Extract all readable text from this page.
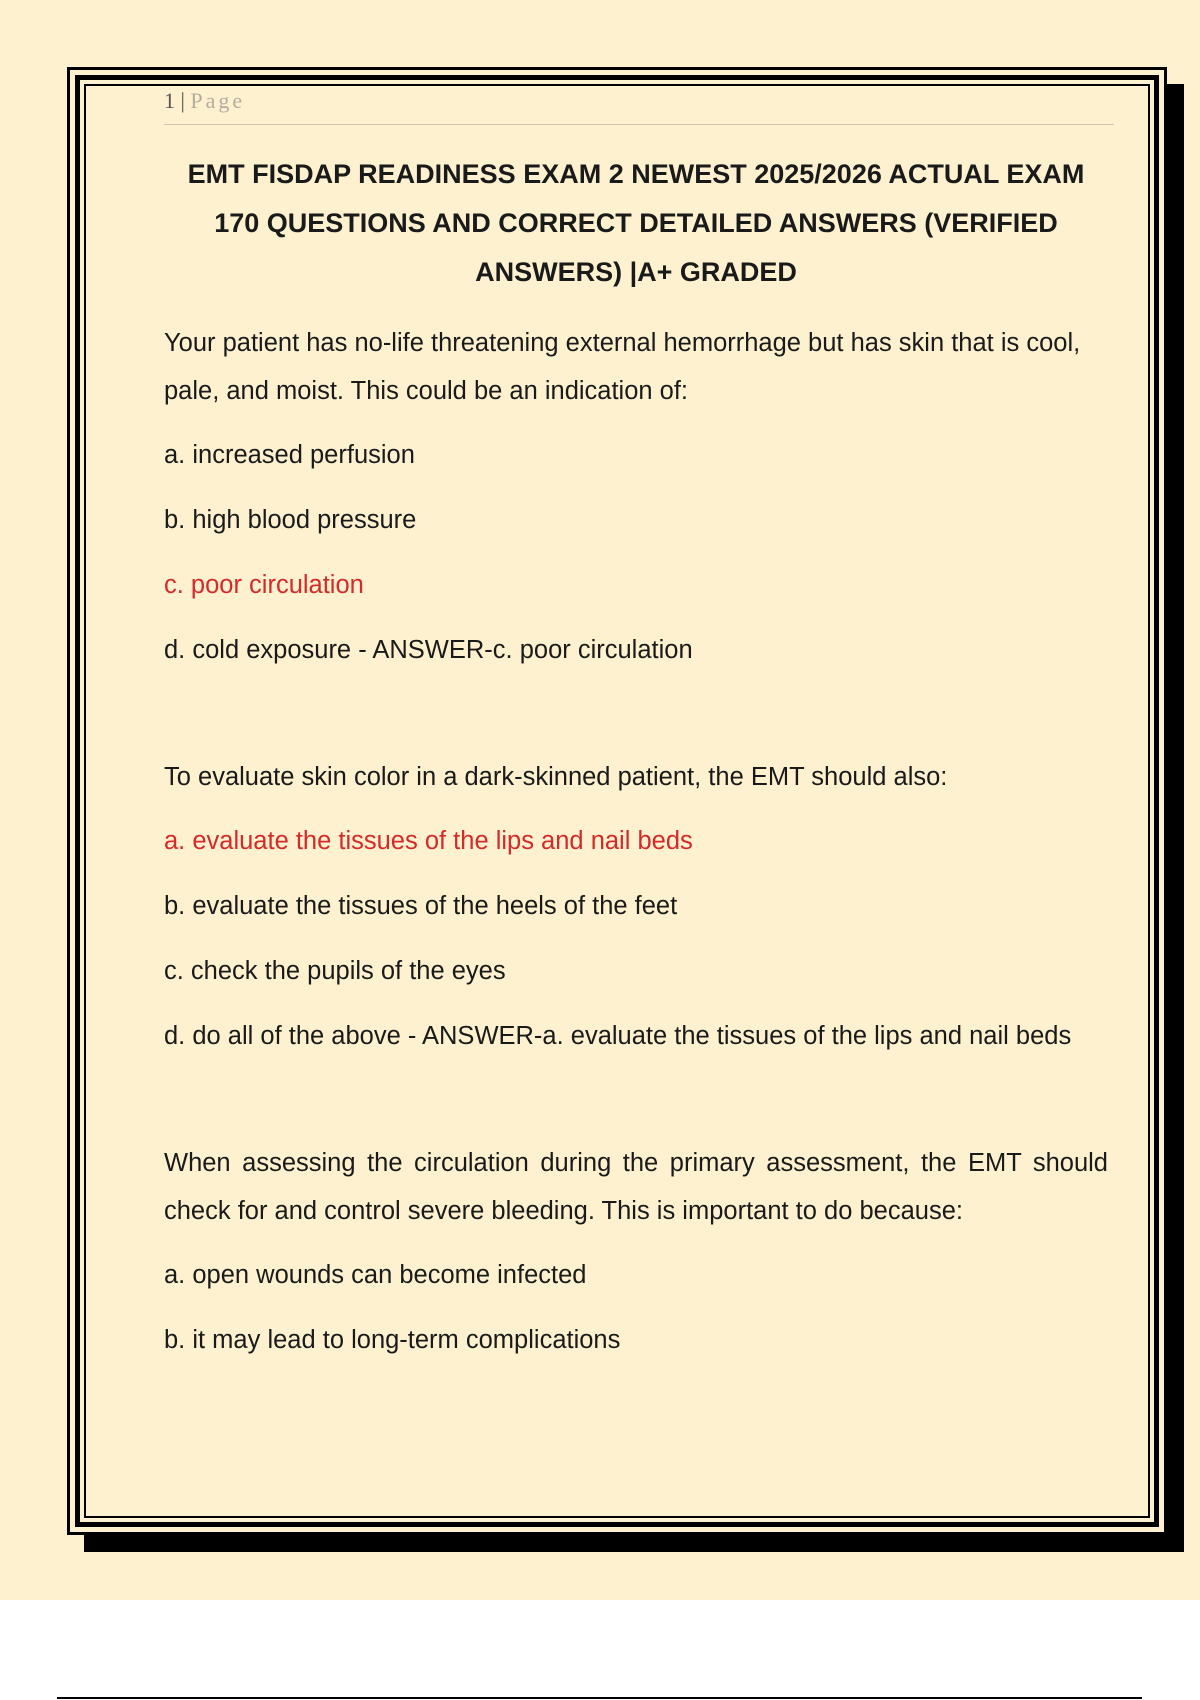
1 | Page
EMT FISDAP READINESS EXAM 2 NEWEST 2025/2026 ACTUAL EXAM 170 QUESTIONS AND CORRECT DETAILED ANSWERS (VERIFIED ANSWERS) |A+ GRADED
Your patient has no-life threatening external hemorrhage but has skin that is cool, pale, and moist. This could be an indication of:
a. increased perfusion
b. high blood pressure
c. poor circulation
d. cold exposure - ANSWER-c. poor circulation
To evaluate skin color in a dark-skinned patient, the EMT should also:
a. evaluate the tissues of the lips and nail beds
b. evaluate the tissues of the heels of the feet
c. check the pupils of the eyes
d. do all of the above - ANSWER-a. evaluate the tissues of the lips and nail beds
When assessing the circulation during the primary assessment, the EMT should check for and control severe bleeding. This is important to do because:
a. open wounds can become infected
b. it may lead to long-term complications
